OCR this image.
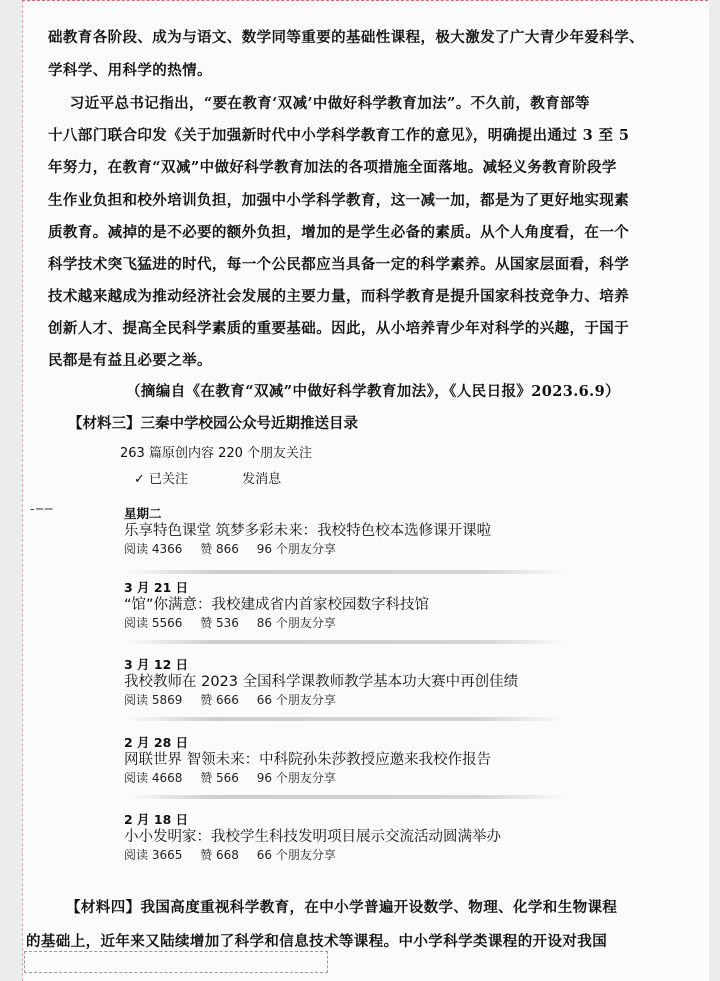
础教育各阶段、成为与语文、数学同等重要的基础性课程，极大激发了广大青少年爱科学、
学科学、用科学的热情。
习近平总书记指出，“要在教育‘双减’中做好科学教育加法”。不久前，教育部等
十八部门联合印发《关于加强新时代中小学科学教育工作的意见》，明确提出通过 3 至 5
年努力，在教育“双减”中做好科学教育加法的各项措施全面落地。减轻义务教育阶段学
生作业负担和校外培训负担，加强中小学科学教育，这一减一加，都是为了更好地实现素
质教育。减掉的是不必要的额外负担，增加的是学生必备的素质。从个人角度看，在一个
科学技术突飞猛进的时代，每一个公民都应当具备一定的科学素养。从国家层面看，科学
技术越来越成为推动经济社会发展的主要力量，而科学教育是提升国家科技竞争力、培养
创新人才、提高全民科学素质的重要基础。因此，从小培养青少年对科学的兴趣，于国于
民都是有益且必要之举。
（摘编自《在教育“双减”中做好科学教育加法》，《人民日报》2023.6.9）
【材料三】三秦中学校园公众号近期推送目录
263 篇原创内容 220 个朋友关注
✓ 已关注	发消息
- ─ ─	星期二
乐享特色课堂 筑梦多彩未来：我校特色校本选修课开课啦
阅读 4366 赞 866 96 个朋友分享
3 月 21 日
“馆”你满意：我校建成省内首家校园数字科技馆
阅读 5566 赞 536 86 个朋友分享
3 月 12 日
我校教师在 2023 全国科学课教师教学基本功大赛中再创佳绩
阅读 5869 赞 666 66 个朋友分享
2 月 28 日
网联世界 智领未来：中科院孙朱莎教授应邀来我校作报告
阅读 4668 赞 566 96 个朋友分享
2 月 18 日
小小发明家：我校学生科技发明项目展示交流活动圆满举办
阅读 3665 赞 668 66 个朋友分享
【材料四】我国高度重视科学教育，在中小学普遍开设数学、物理、化学和生物课程
的基础上，近年来又陆续增加了科学和信息技术等课程。中小学科学类课程的开设对我国
